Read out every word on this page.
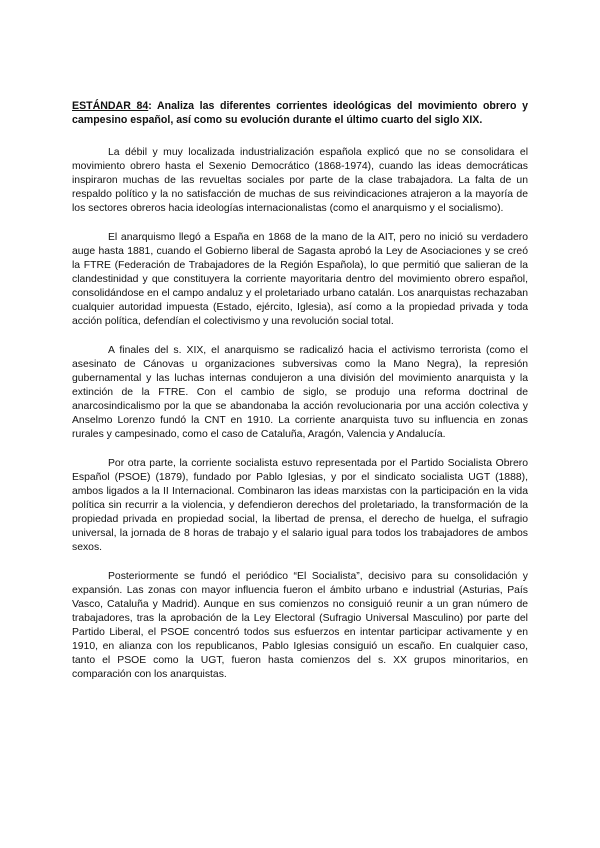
ESTÁNDAR 84: Analiza las diferentes corrientes ideológicas del movimiento obrero y campesino español, así como su evolución durante el último cuarto del siglo XIX.

La débil y muy localizada industrialización española explicó que no se consolidara el movimiento obrero hasta el Sexenio Democrático (1868-1974), cuando las ideas democráticas inspiraron muchas de las revueltas sociales por parte de la clase trabajadora. La falta de un respaldo político y la no satisfacción de muchas de sus reivindicaciones atrajeron a la mayoría de los sectores obreros hacia ideologías internacionalistas (como el anarquismo y el socialismo).

El anarquismo llegó a España en 1868 de la mano de la AIT, pero no inició su verdadero auge hasta 1881, cuando el Gobierno liberal de Sagasta aprobó la Ley de Asociaciones y se creó la FTRE (Federación de Trabajadores de la Región Española), lo que permitió que salieran de la clandestinidad y que constituyera la corriente mayoritaria dentro del movimiento obrero español, consolidándose en el campo andaluz y el proletariado urbano catalán. Los anarquistas rechazaban cualquier autoridad impuesta (Estado, ejército, Iglesia), así como a la propiedad privada y toda acción política, defendían el colectivismo y una revolución social total.

A finales del s. XIX, el anarquismo se radicalizó hacia el activismo terrorista (como el asesinato de Cánovas u organizaciones subversivas como la Mano Negra), la represión gubernamental y las luchas internas condujeron a una división del movimiento anarquista y la extinción de la FTRE. Con el cambio de siglo, se produjo una reforma doctrinal de anarcosindicalismo por la que se abandonaba la acción revolucionaria por una acción colectiva y Anselmo Lorenzo fundó la CNT en 1910. La corriente anarquista tuvo su influencia en zonas rurales y campesinado, como el caso de Cataluña, Aragón, Valencia y Andalucía.

Por otra parte, la corriente socialista estuvo representada por el Partido Socialista Obrero Español (PSOE) (1879), fundado por Pablo Iglesias, y por el sindicato socialista UGT (1888), ambos ligados a la II Internacional. Combinaron las ideas marxistas con la participación en la vida política sin recurrir a la violencia, y defendieron derechos del proletariado, la transformación de la propiedad privada en propiedad social, la libertad de prensa, el derecho de huelga, el sufragio universal, la jornada de 8 horas de trabajo y el salario igual para todos los trabajadores de ambos sexos.

Posteriormente se fundó el periódico “El Socialista”, decisivo para su consolidación y expansión. Las zonas con mayor influencia fueron el ámbito urbano e industrial (Asturias, País Vasco, Cataluña y Madrid). Aunque en sus comienzos no consiguió reunir a un gran número de trabajadores, tras la aprobación de la Ley Electoral (Sufragio Universal Masculino) por parte del Partido Liberal, el PSOE concentró todos sus esfuerzos en intentar participar activamente y en 1910, en alianza con los republicanos, Pablo Iglesias consiguió un escaño. En cualquier caso, tanto el PSOE como la UGT, fueron hasta comienzos del s. XX grupos minoritarios, en comparación con los anarquistas.
